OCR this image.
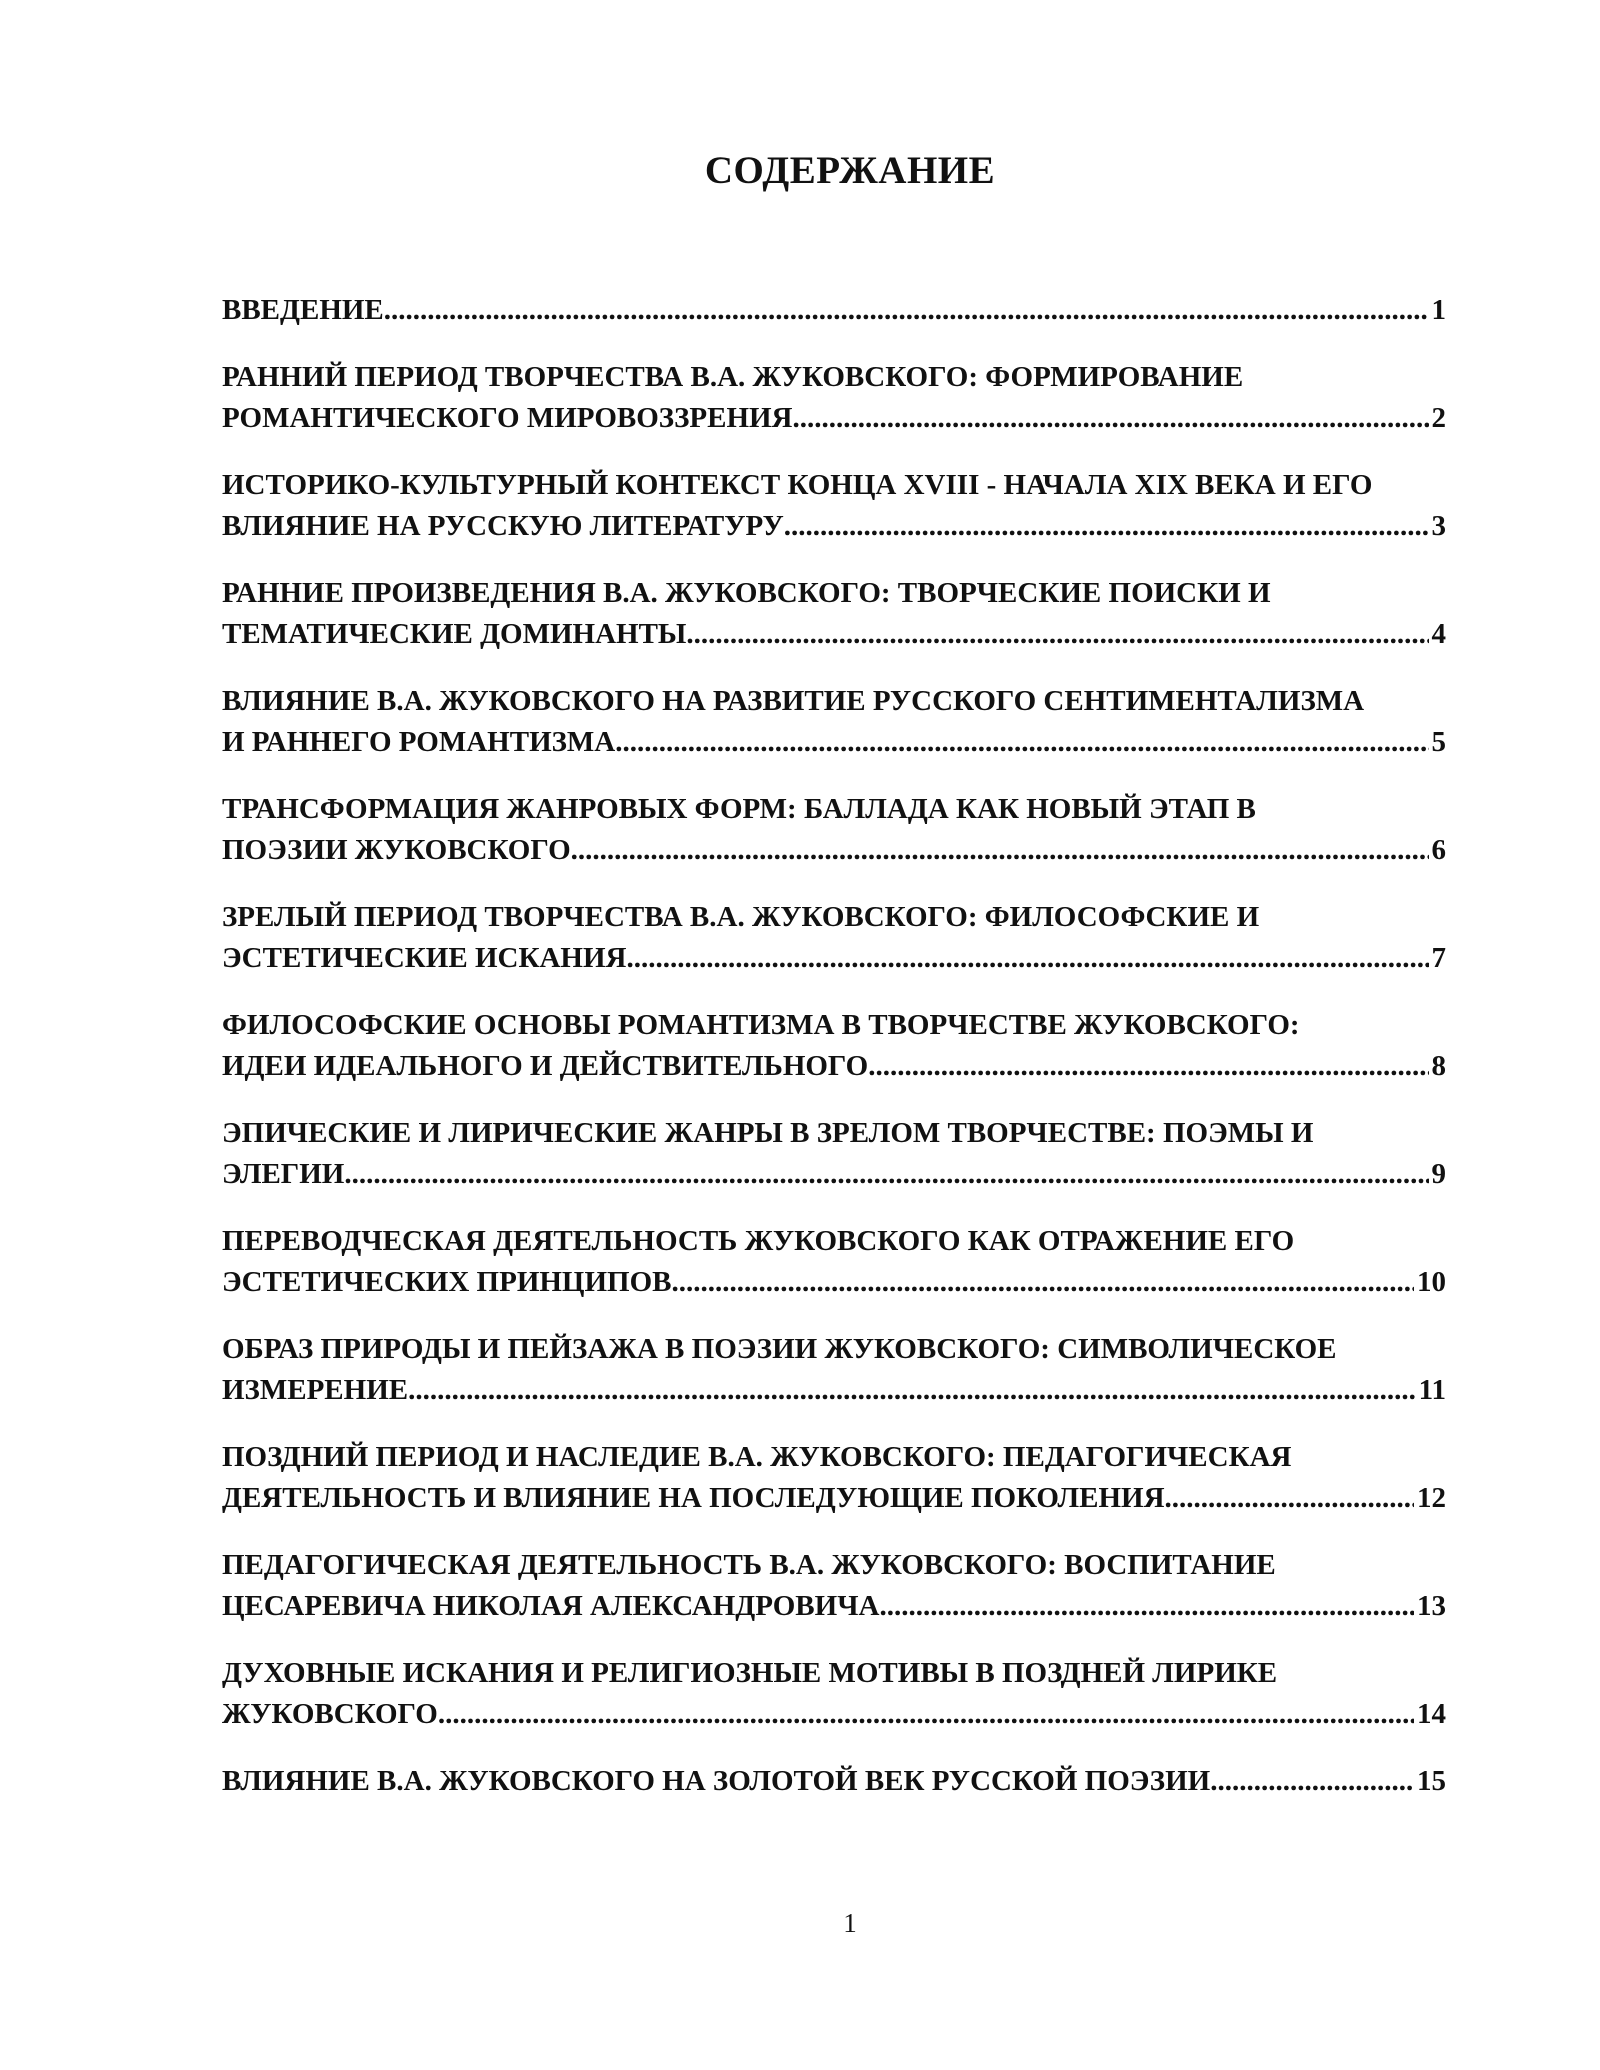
СОДЕРЖАНИЕ
ВВЕДЕНИЕ .....	1
РАННИЙ ПЕРИОД ТВОРЧЕСТВА В.А. ЖУКОВСКОГО: ФОРМИРОВАНИЕ
РОМАНТИЧЕСКОГО МИРОВОЗЗРЕНИЯ .....	2
ИСТОРИКО-КУЛЬТУРНЫЙ КОНТЕКСТ КОНЦА XVIII - НАЧАЛА XIX ВЕКА И ЕГО
ВЛИЯНИЕ НА РУССКУЮ ЛИТЕРАТУРУ .....	3
РАННИЕ ПРОИЗВЕДЕНИЯ В.А. ЖУКОВСКОГО: ТВОРЧЕСКИЕ ПОИСКИ И
ТЕМАТИЧЕСКИЕ ДОМИНАНТЫ .....	4
ВЛИЯНИЕ В.А. ЖУКОВСКОГО НА РАЗВИТИЕ РУССКОГО СЕНТИМЕНТАЛИЗМА
И РАННЕГО РОМАНТИЗМА .....	5
ТРАНСФОРМАЦИЯ ЖАНРОВЫХ ФОРМ: БАЛЛАДА КАК НОВЫЙ ЭТАП В
ПОЭЗИИ ЖУКОВСКОГО .....	6
ЗРЕЛЫЙ ПЕРИОД ТВОРЧЕСТВА В.А. ЖУКОВСКОГО: ФИЛОСОФСКИЕ И
ЭСТЕТИЧЕСКИЕ ИСКАНИЯ .....	7
ФИЛОСОФСКИЕ ОСНОВЫ РОМАНТИЗМА В ТВОРЧЕСТВЕ ЖУКОВСКОГО:
ИДЕИ ИДЕАЛЬНОГО И ДЕЙСТВИТЕЛЬНОГО .....	8
ЭПИЧЕСКИЕ И ЛИРИЧЕСКИЕ ЖАНРЫ В ЗРЕЛОМ ТВОРЧЕСТВЕ: ПОЭМЫ И
ЭЛЕГИИ .....	9
ПЕРЕВОДЧЕСКАЯ ДЕЯТЕЛЬНОСТЬ ЖУКОВСКОГО КАК ОТРАЖЕНИЕ ЕГО
ЭСТЕТИЧЕСКИХ ПРИНЦИПОВ .....	10
ОБРАЗ ПРИРОДЫ И ПЕЙЗАЖА В ПОЭЗИИ ЖУКОВСКОГО: СИМВОЛИЧЕСКОЕ
ИЗМЕРЕНИЕ .....	11
ПОЗДНИЙ ПЕРИОД И НАСЛЕДИЕ В.А. ЖУКОВСКОГО: ПЕДАГОГИЧЕСКАЯ
ДЕЯТЕЛЬНОСТЬ И ВЛИЯНИЕ НА ПОСЛЕДУЮЩИЕ ПОКОЛЕНИЯ .....	12
ПЕДАГОГИЧЕСКАЯ ДЕЯТЕЛЬНОСТЬ В.А. ЖУКОВСКОГО: ВОСПИТАНИЕ
ЦЕСАРЕВИЧА НИКОЛАЯ АЛЕКСАНДРОВИЧА .....	13
ДУХОВНЫЕ ИСКАНИЯ И РЕЛИГИОЗНЫЕ МОТИВЫ В ПОЗДНЕЙ ЛИРИКЕ
ЖУКОВСКОГО .....	14
ВЛИЯНИЕ В.А. ЖУКОВСКОГО НА ЗОЛОТОЙ ВЕК РУССКОЙ ПОЭЗИИ .....	15
1
